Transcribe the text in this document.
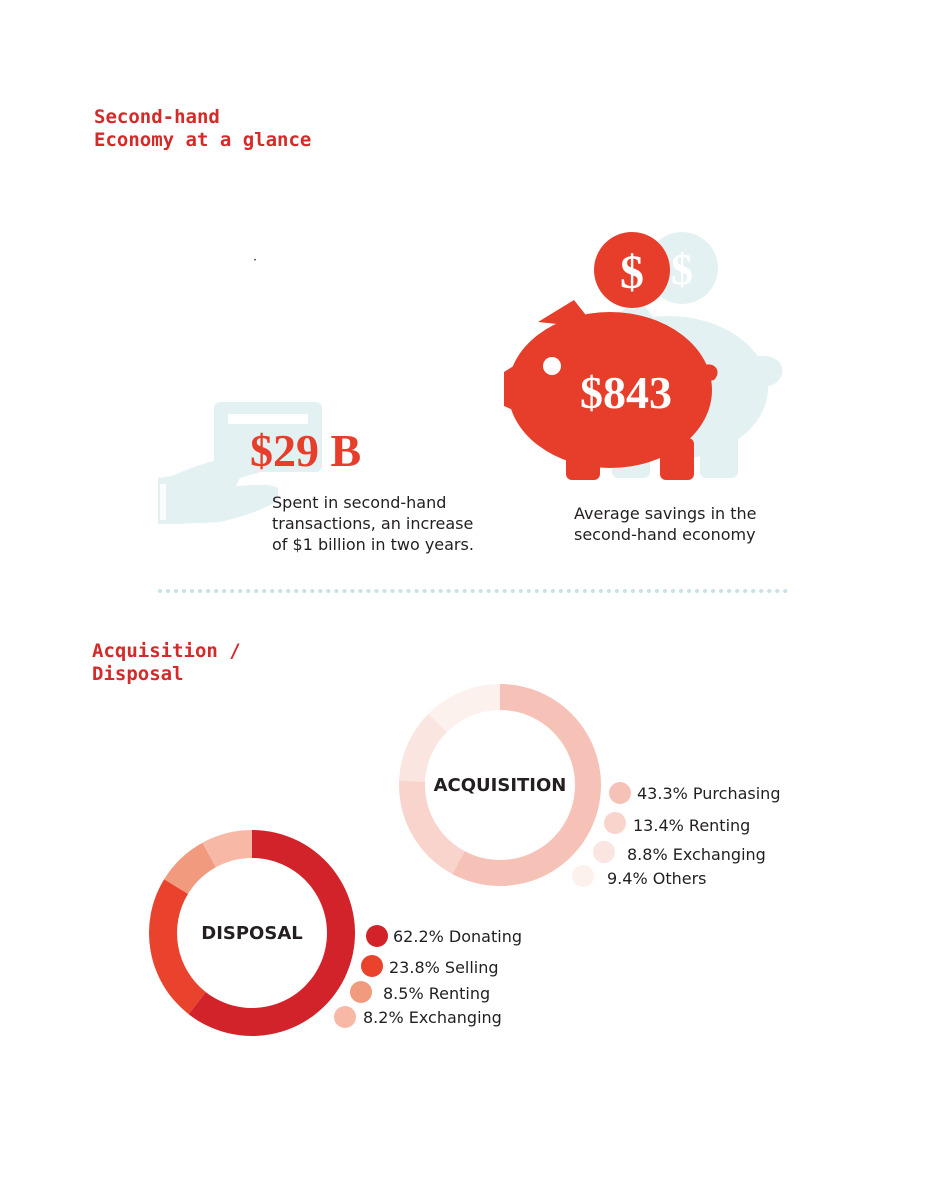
Second-hand
Economy at a glance
•	$
$
$29 B
$843
Spent in second-hand
transactions, an increase
of $1 billion in two years.
Average savings in the
second-hand economy
Acquisition /
Disposal
ACQUISITION	43.3% Purchasing
13.4% Renting
8.8% Exchanging
9.4% Others
DISPOSAL	62.2% Donating
23.8% Selling
8.5% Renting
8.2% Exchanging
